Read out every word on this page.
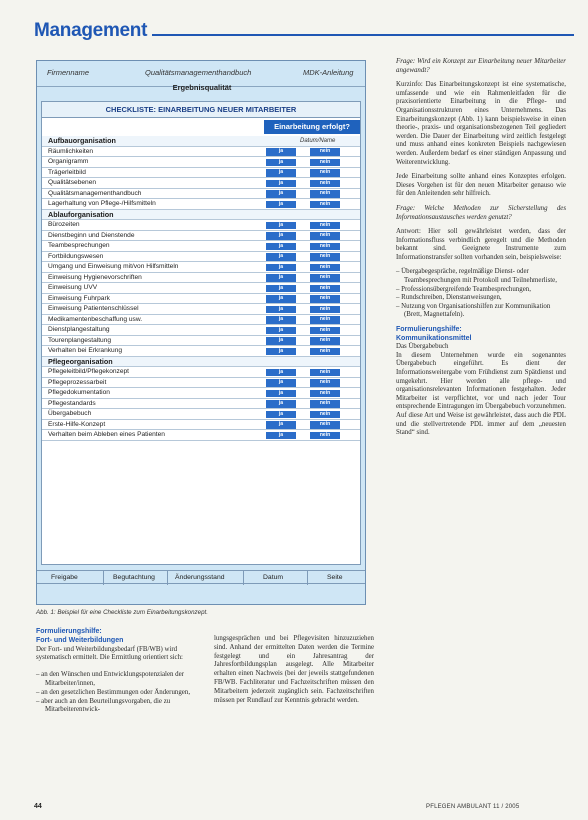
Management
Firmenname	Qualitätsmanagementhandbuch	MDK-Anleitung
Ergebnisqualität
CHECKLISTE: EINARBEITUNG NEUER MITARBEITER
Einarbeitung erfolgt?
Aufbauorganisation	Datum/Name
Räumlichkeiten	ja	nein
Organigramm	ja	nein
Trägerleitbild	ja	nein
Qualitätsebenen	ja	nein
Qualitätsmanagementhandbuch	ja	nein
Lagerhaltung von Pflege-/Hilfsmitteln	ja	nein
Ablauforganisation
Bürozeiten	ja	nein
Dienstbeginn und Dienstende	ja	nein
Teambesprechungen	ja	nein
Fortbildungswesen	ja	nein
Umgang und Einweisung mit/von Hilfsmitteln	ja	nein
Einweisung Hygienevorschriften	ja	nein
Einweisung UVV	ja	nein
Einweisung Fuhrpark	ja	nein
Einweisung Patientenschlüssel	ja	nein
Medikamentenbeschaffung usw.	ja	nein
Dienstplangestaltung	ja	nein
Tourenplangestaltung	ja	nein
Verhalten bei Erkrankung	ja	nein
Pflegeorganisation
Pflegeleitbild/Pflegekonzept	ja	nein
Pflegeprozessarbeit	ja	nein
Pflegedokumentation	ja	nein
Pflegestandards	ja	nein
Übergabebuch	ja	nein
Erste-Hilfe-Konzept	ja	nein
Verhalten beim Ableben eines Patienten	ja	nein
Freigabe	Begutachtung	Änderungsstand	Datum	Seite
Abb. 1: Beispiel für eine Checkliste zum Einarbeitungskonzept.

Frage: Wird ein Konzept zur Einarbeitung neuer Mitarbeiter angewandt?

Kurzinfo: Das Einarbeitungskonzept ist eine systematische, umfassende und wie ein Rahmenleitfaden für die praxisorientierte Einarbeitung in die Pflege- und Organisationsstrukturen eines Unternehmens. Das Einarbeitungskonzept (Abb. 1) kann beispielsweise in einen theorie-, praxis- und organisationsbezogenen Teil gegliedert werden. Die Dauer der Einarbeitung wird zeitlich festgelegt und muss anhand eines konkreten Beispiels nachgewiesen werden. Außerdem bedarf es einer ständigen Anpassung und Weiterentwicklung.

Jede Einarbeitung sollte anhand eines Konzeptes erfolgen. Dieses Vorgehen ist für den neuen Mitarbeiter genauso wie für den Anleitenden sehr hilfreich.

Frage: Welche Methoden zur Sicherstellung des Informationsaustausches werden genutzt?

Antwort: Hier soll gewährleistet werden, dass der Informationsfluss verbindlich geregelt und die Methoden bekannt sind. Geeignete Instrumente zum Informationstransfer sollten vorhanden sein, beispielsweise:

– Übergabegespräche, regelmäßige Dienst- oder Teambesprechungen mit Protokoll und Teilnehmerliste,
– Professionsübergreifende Teambesprechungen,
– Rundschreiben, Dienstanweisungen,
– Nutzung von Organisationshilfen zur Kommunikation (Brett, Magnettafeln).
Formulierungshilfe:
Kommunikationsmittel
Das Übergabebuch

In diesem Unternehmen wurde ein sogenanntes Übergabebuch eingeführt. Es dient der Informationsweitergabe vom Frühdienst zum Spätdienst und umgekehrt. Hier werden alle pflege- und organisationsrelevanten Informationen festgehalten. Jeder Mitarbeiter ist verpflichtet, vor und nach jeder Tour entsprechende Eintragungen im Übergabebuch vorzunehmen. Auf diese Art und Weise ist gewährleistet, dass auch die PDL und die stellvertretende PDL immer auf dem „neuesten Stand“ sind.

Formulierungshilfe:
Fort- und Weiterbildungen
Der Fort- und Weiterbildungsbedarf (FB/WB) wird systematisch ermittelt. Die Ermittlung orientiert sich:
– an den Wünschen und Entwicklungspotenzialen der Mitarbeiter/innen,
– an den gesetzlichen Bestimmungen oder Änderungen,
– aber auch an den Beurteilungsvorgaben, die zu Mitarbeiterentwick-
lungsgesprächen und bei Pflegevisiten hinzuzuziehen sind. Anhand der ermittelten Daten werden die Termine festgelegt und ein Jahresantrag der Jahresfortbildungsplan ausgelegt. Alle Mitarbeiter erhalten einen Nachweis (bei der jeweils stattgefundenen FB/WB. Fachliteratur und Fachzeitschriften müssen den Mitarbeitern jederzeit zugänglich sein. Fachzeitschriften müssen per Rundlauf zur Kenntnis gebracht werden.
44	PFLEGEN AMBULANT 11 / 2005
